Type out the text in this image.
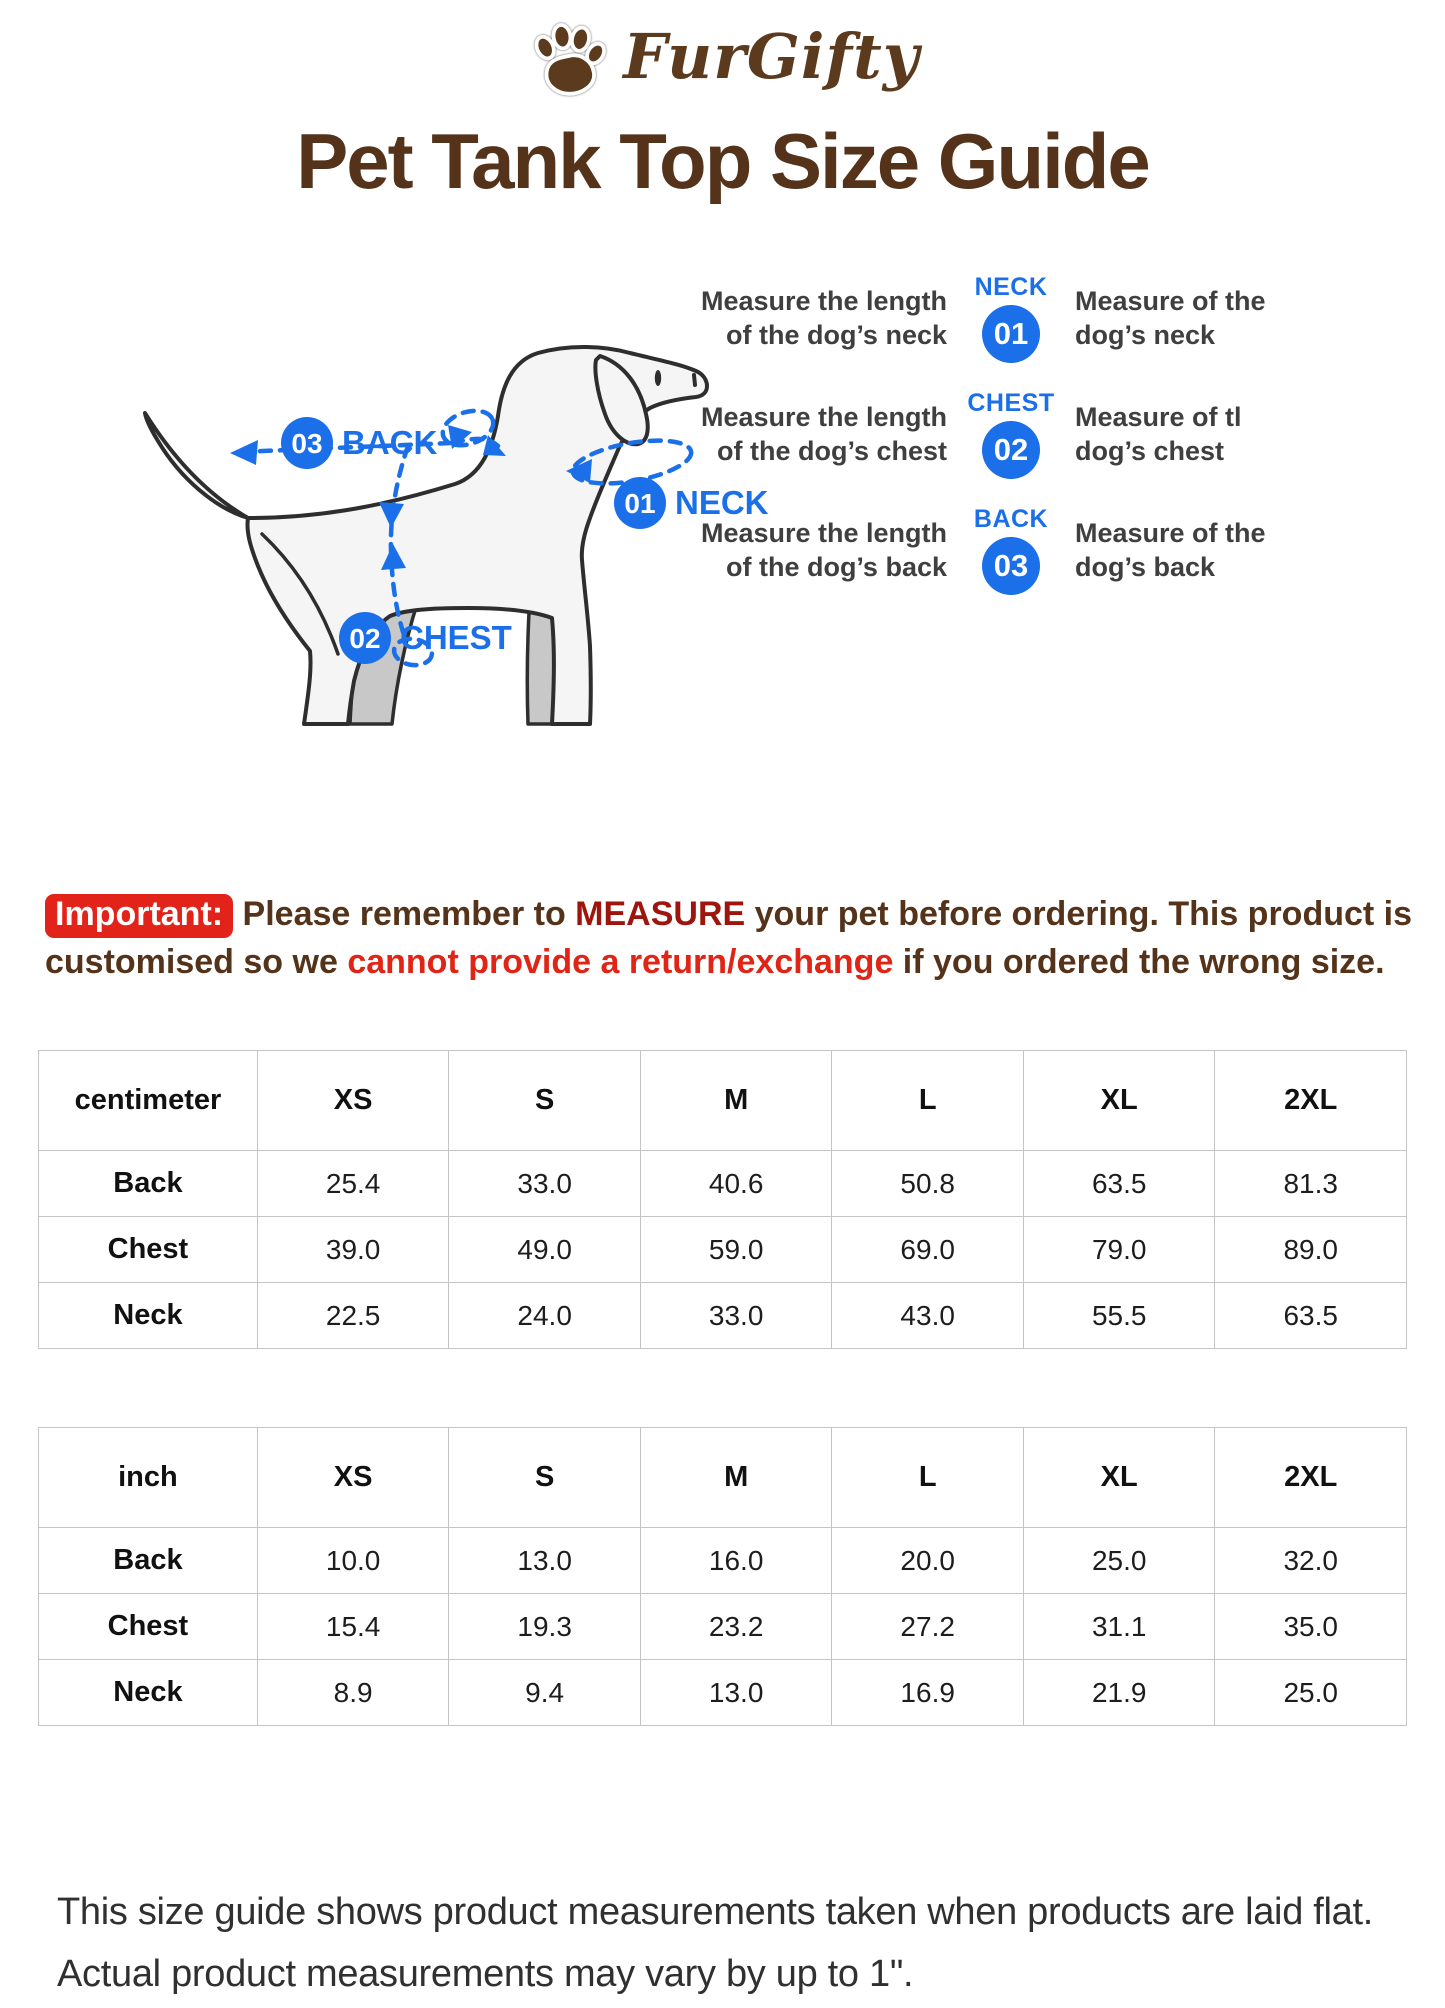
FurGifty
Pet Tank Top Size Guide
03 BACK
02 CHEST
01 NECK
Measure the length
of the dog’s neck
NECK
01
Measure of the
dog’s neck
Measure the length
of the dog’s chest
CHEST
02
Measure of tl
dog’s chest
Measure the length
of the dog’s back
BACK
03
Measure of the
dog’s back

Important: Please remember to MEASURE your pet before ordering. This product is customised so we cannot provide a return/exchange if you ordered the wrong size.

centimeter	XS	S	M	L	XL	2XL
Back	25.4	33.0	40.6	50.8	63.5	81.3
Chest	39.0	49.0	59.0	69.0	79.0	89.0
Neck	22.5	24.0	33.0	43.0	55.5	63.5
inch	XS	S	M	L	XL	2XL
Back	10.0	13.0	16.0	20.0	25.0	32.0
Chest	15.4	19.3	23.2	27.2	31.1	35.0
Neck	8.9	9.4	13.0	16.9	21.9	25.0

This size guide shows product measurements taken when products are laid flat. Actual product measurements may vary by up to 1".
